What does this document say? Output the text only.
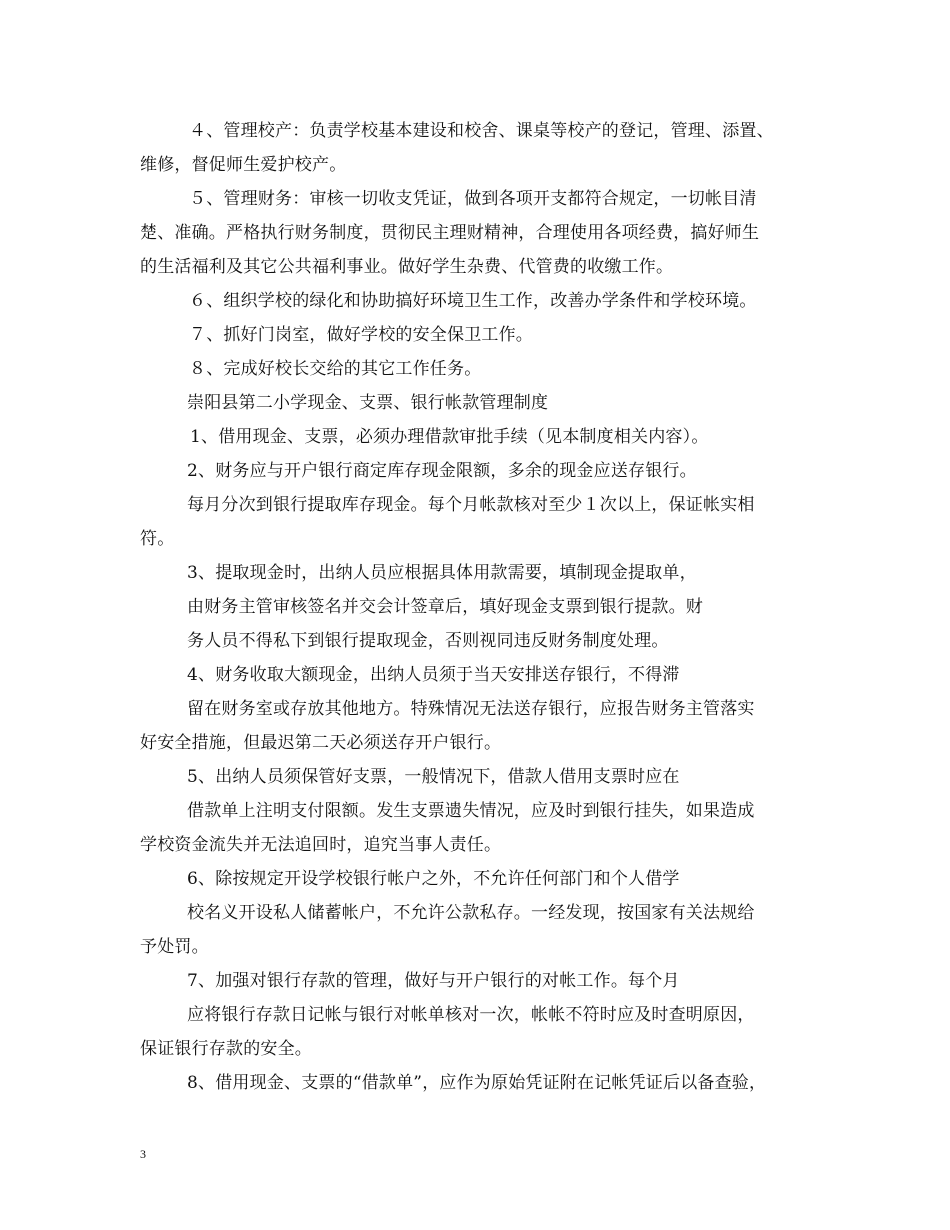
４、管理校产：负责学校基本建设和校舍、课桌等校产的登记，管理、添置、
维修，督促师生爱护校产。
５、管理财务：审核一切收支凭证，做到各项开支都符合规定，一切帐目清
楚、准确。严格执行财务制度，贯彻民主理财精神，合理使用各项经费，搞好师生
的生活福利及其它公共福利事业。做好学生杂费、代管费的收缴工作。
６、组织学校的绿化和协助搞好环境卫生工作，改善办学条件和学校环境。
７、抓好门岗室，做好学校的安全保卫工作。
８、完成好校长交给的其它工作任务。
崇阳县第二小学现金、支票、银行帐款管理制度
1、借用现金、支票，必须办理借款审批手续（见本制度相关内容）。
2、财务应与开户银行商定库存现金限额，多余的现金应送存银行。
每月分次到银行提取库存现金。每个月帐款核对至少１次以上，保证帐实相
符。
3、提取现金时，出纳人员应根据具体用款需要，填制现金提取单，
由财务主管审核签名并交会计签章后，填好现金支票到银行提款。财
务人员不得私下到银行提取现金，否则视同违反财务制度处理。
4、财务收取大额现金，出纳人员须于当天安排送存银行，不得滞
留在财务室或存放其他地方。特殊情况无法送存银行，应报告财务主管落实
好安全措施，但最迟第二天必须送存开户银行。
5、出纳人员须保管好支票，一般情况下，借款人借用支票时应在
借款单上注明支付限额。发生支票遗失情况，应及时到银行挂失，如果造成
学校资金流失并无法追回时，追究当事人责任。
6、除按规定开设学校银行帐户之外，不允许任何部门和个人借学
校名义开设私人储蓄帐户，不允许公款私存。一经发现，按国家有关法规给
予处罚。
7、加强对银行存款的管理，做好与开户银行的对帐工作。每个月
应将银行存款日记帐与银行对帐单核对一次，帐帐不符时应及时查明原因，
保证银行存款的安全。
8、借用现金、支票的“借款单”，应作为原始凭证附在记帐凭证后以备查验，
3
